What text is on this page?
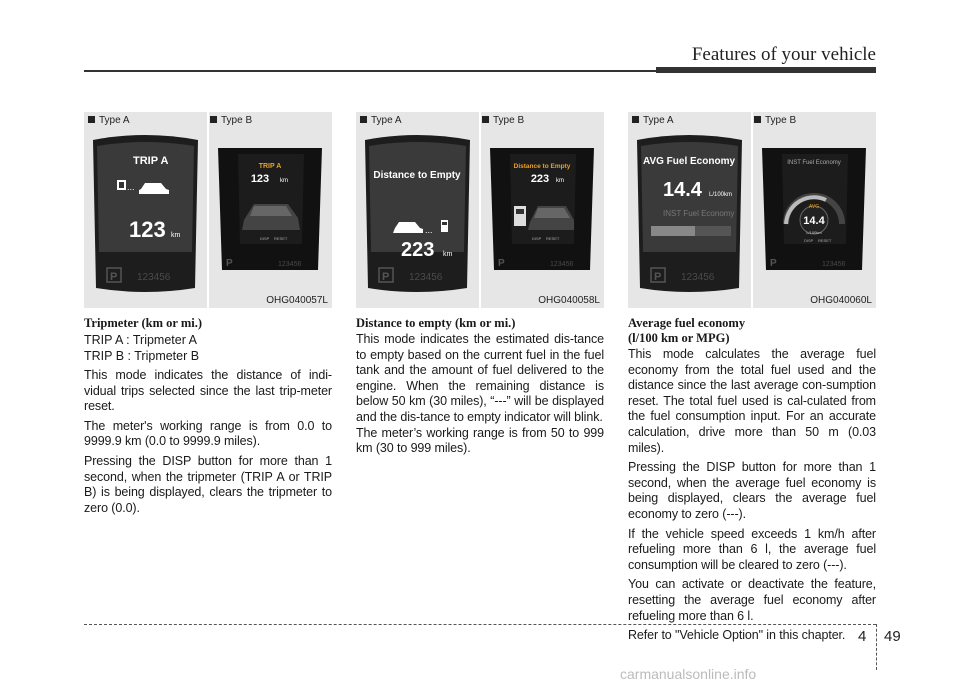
Features of your vehicle
Type A	Type B
TRIP A
...
123 km
P 123456
TRIP A
123 km
DISP RESET
P	123456
OHG040057L
Type A	Type B
Distance to Empty
...
223 km
P 123456
Distance to Empty
223 km
DISP RESET
P	123456
OHG040058L
Type A	Type B
AVG Fuel Economy
14.4 L/100km
INST Fuel Economy
P 123456
INST Fuel Economy
AVG
14.4
L/100km
DISP RESET
P	123456
OHG040060L
Tripmeter (km or mi.)
TRIP A : Tripmeter A
TRIP B : Tripmeter B
This mode indicates the distance of indi-vidual trips selected since the last trip-meter reset.
The meter's working range is from 0.0 to 9999.9 km (0.0 to 9999.9 miles).
Pressing the DISP button for more than 1 second, when the tripmeter (TRIP A or TRIP B) is being displayed, clears the tripmeter to zero (0.0).
Distance to empty (km or mi.)
This mode indicates the estimated dis-tance to empty based on the current fuel in the fuel tank and the amount of fuel delivered to the engine. When the remaining distance is below 50 km (30 miles), “---” will be displayed and the dis-tance to empty indicator will blink.
The meter’s working range is from 50 to 999 km (30 to 999 miles).
Average fuel economy
(l/100 km or MPG)
This mode calculates the average fuel economy from the total fuel used and the distance since the last average con-sumption reset. The total fuel used is cal-culated from the fuel consumption input. For an accurate calculation, drive more than 50 m (0.03 miles).
Pressing the DISP button for more than 1 second, when the average fuel economy is being displayed, clears the average fuel economy to zero (---).
If the vehicle speed exceeds 1 km/h after refueling more than 6 l, the average fuel consumption will be cleared to zero (---).
You can activate or deactivate the feature, resetting the average fuel economy after refueling more than 6 l.
Refer to "Vehicle Option" in this chapter. 4 49
carmanualsonline.info
